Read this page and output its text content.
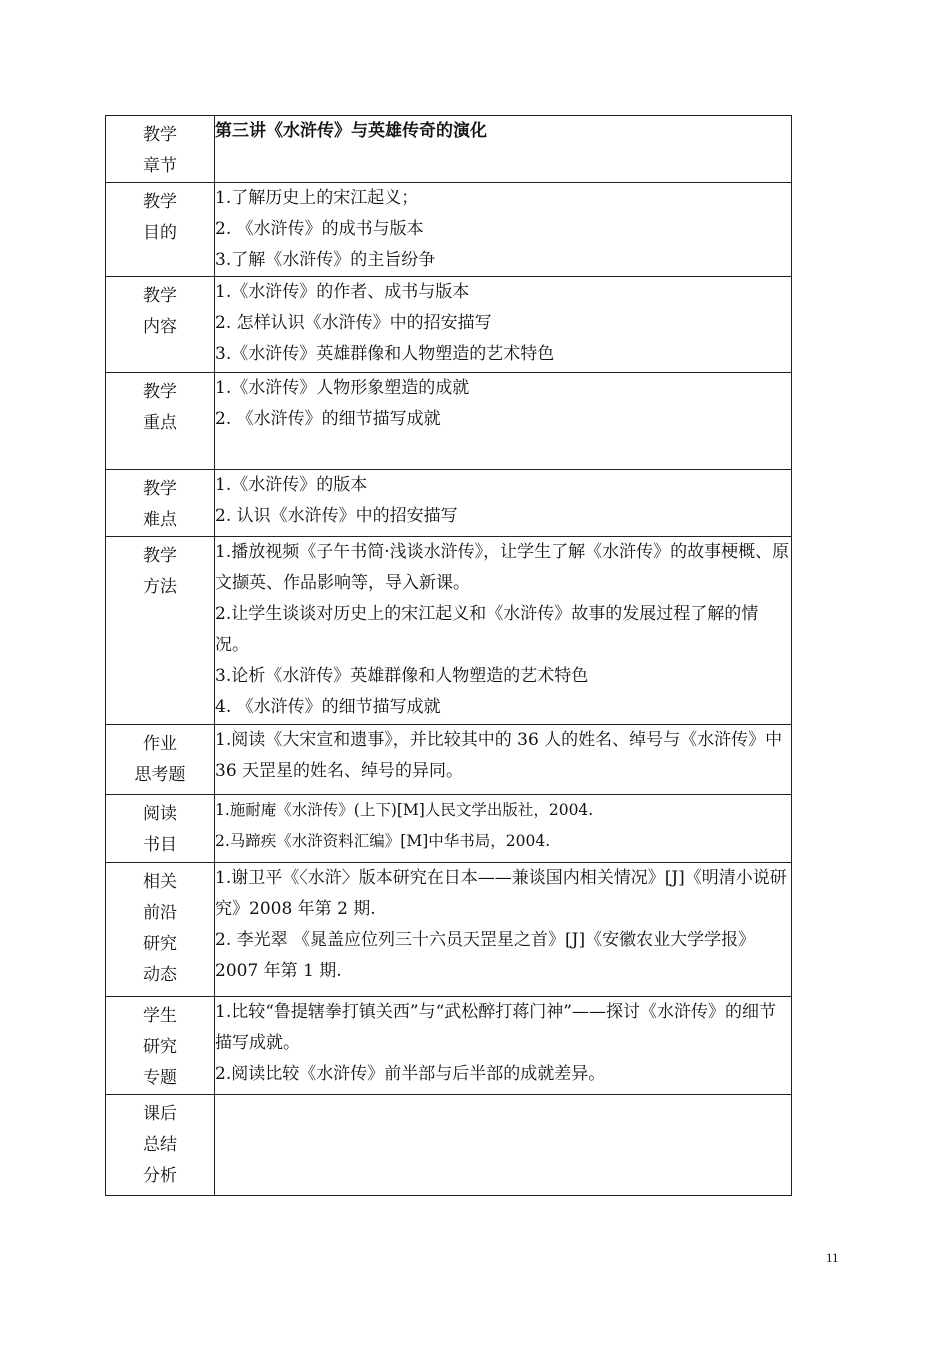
教学
章节	第三讲《水浒传》与英雄传奇的演化

教学
目的	1.了解历史上的宋江起义；
2. 《水浒传》的成书与版本
3.了解《水浒传》的主旨纷争

教学
内容	1.《水浒传》的作者、成书与版本
2. 怎样认识《水浒传》中的招安描写
3.《水浒传》英雄群像和人物塑造的艺术特色

教学
重点	1.《水浒传》人物形象塑造的成就
2. 《水浒传》的细节描写成就

教学
难点	1.《水浒传》的版本
2. 认识《水浒传》中的招安描写

教学
方法	1.播放视频《子午书简·浅谈水浒传》，让学生了解《水浒传》的故事梗概、原文撷英、作品影响等，导入新课。
2.让学生谈谈对历史上的宋江起义和《水浒传》故事的发展过程了解的情况。
3.论析《水浒传》英雄群像和人物塑造的艺术特色
4. 《水浒传》的细节描写成就

作业
思考题	1.阅读《大宋宣和遗事》，并比较其中的 36 人的姓名、绰号与《水浒传》中 36 天罡星的姓名、绰号的异同。

阅读
书目	1.施耐庵《水浒传》(上下)[M]人民文学出版社，2004.
2.马蹄疾《水浒资料汇编》[M]中华书局，2004.

相关
前沿
研究
动态	1.谢卫平《〈水浒〉版本研究在日本——兼谈国内相关情况》[J]《明清小说研究》2008 年第 2 期.
2. 李光翠 《晁盖应位列三十六员天罡星之首》[J]《安徽农业大学学报》2007 年第 1 期.

学生
研究
专题	1.比较“鲁提辖拳打镇关西”与“武松醉打蒋门神”——探讨《水浒传》的细节描写成就。
2.阅读比较《水浒传》前半部与后半部的成就差异。

课后
总结
分析	

11
